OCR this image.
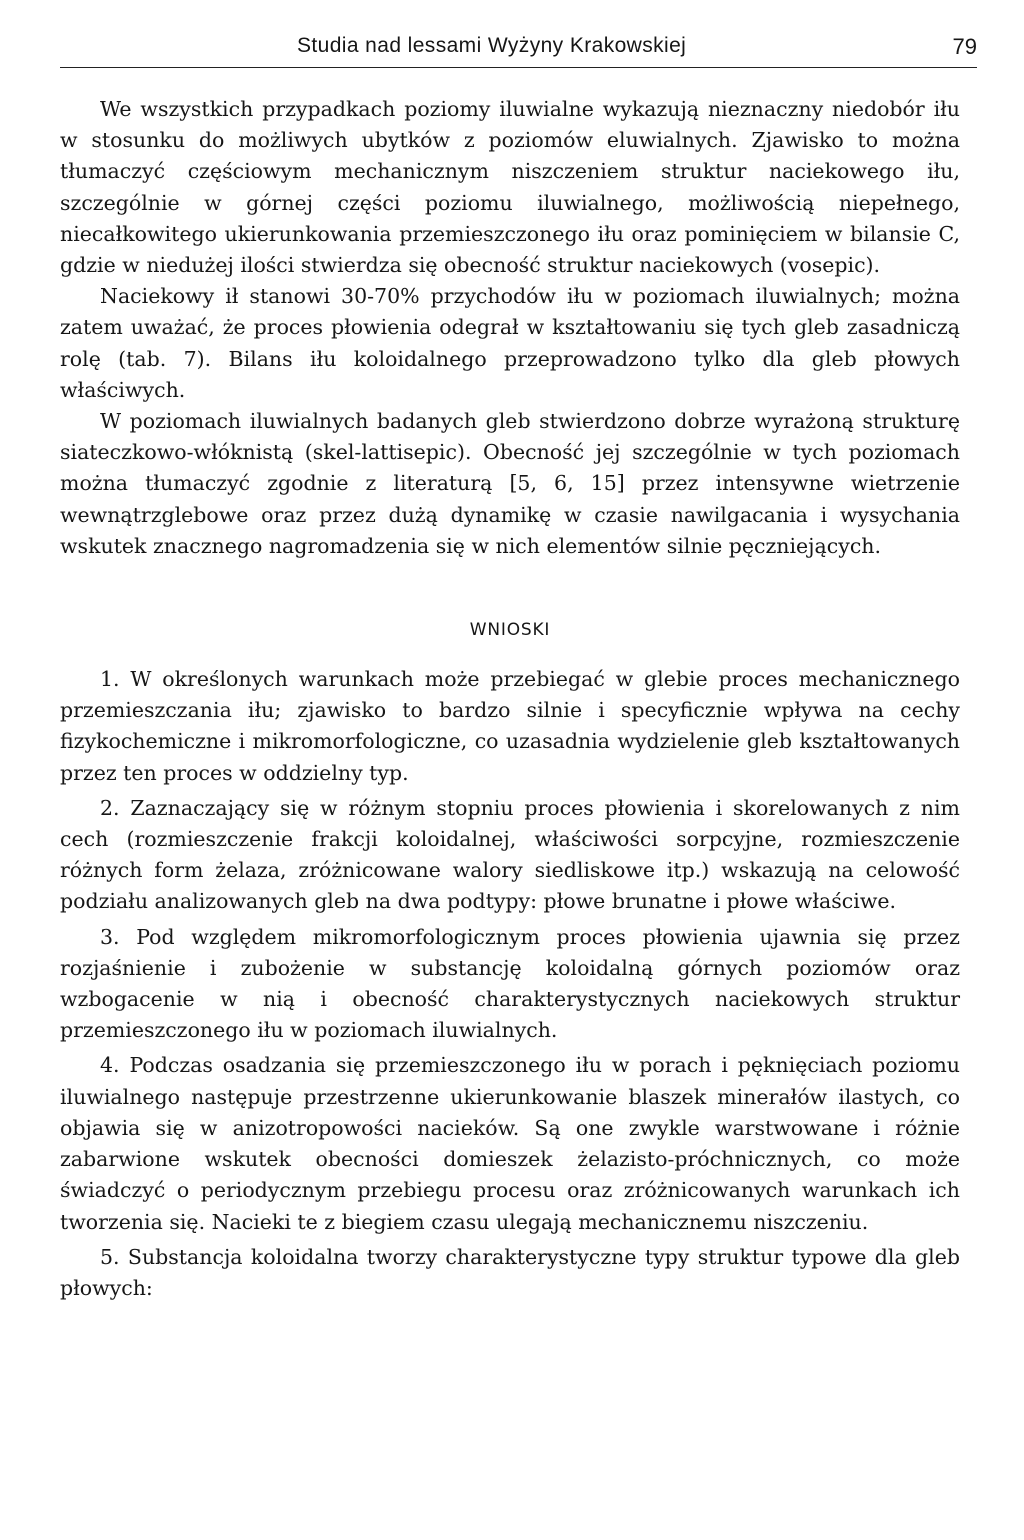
Studia nad lessami Wyżyny Krakowskiej	79

We wszystkich przypadkach poziomy iluwialne wykazują nieznaczny niedobór iłu w stosunku do możliwych ubytków z poziomów eluwialnych. Zjawisko to można tłumaczyć częściowym mechanicznym niszczeniem struktur naciekowego iłu, szczególnie w górnej części poziomu iluwialnego, możliwością niepełnego, niecałkowitego ukierunkowania przemieszczonego iłu oraz pominięciem w bilansie C, gdzie w niedużej ilości stwierdza się obecność struktur naciekowych (vosepic).

Naciekowy ił stanowi 30-70% przychodów iłu w poziomach iluwialnych; można zatem uważać, że proces płowienia odegrał w kształtowaniu się tych gleb zasadniczą rolę (tab. 7). Bilans iłu koloidalnego przeprowadzono tylko dla gleb płowych właściwych.

W poziomach iluwialnych badanych gleb stwierdzono dobrze wyrażoną strukturę siateczkowo-włóknistą (skel-lattisepic). Obecność jej szczególnie w tych poziomach można tłumaczyć zgodnie z literaturą [5, 6, 15] przez intensywne wietrzenie wewnątrzglebowe oraz przez dużą dynamikę w czasie nawilgacania i wysychania wskutek znacznego nagromadzenia się w nich elementów silnie pęczniejących.

WNIOSKI

1. W określonych warunkach może przebiegać w glebie proces mechanicznego przemieszczania iłu; zjawisko to bardzo silnie i specyficznie wpływa na cechy fizykochemiczne i mikromorfologiczne, co uzasadnia wydzielenie gleb kształtowanych przez ten proces w oddzielny typ.

2. Zaznaczający się w różnym stopniu proces płowienia i skorelowanych z nim cech (rozmieszczenie frakcji koloidalnej, właściwości sorpcyjne, rozmieszczenie różnych form żelaza, zróżnicowane walory siedliskowe itp.) wskazują na celowość podziału analizowanych gleb na dwa podtypy: płowe brunatne i płowe właściwe.

3. Pod względem mikromorfologicznym proces płowienia ujawnia się przez rozjaśnienie i zubożenie w substancję koloidalną górnych poziomów oraz wzbogacenie w nią i obecność charakterystycznych naciekowych struktur przemieszczonego iłu w poziomach iluwialnych.

4. Podczas osadzania się przemieszczonego iłu w porach i pęknięciach poziomu iluwialnego następuje przestrzenne ukierunkowanie blaszek minerałów ilastych, co objawia się w anizotropowości nacieków. Są one zwykle warstwowane i różnie zabarwione wskutek obecności domieszek żelazisto-próchnicznych, co może świadczyć o periodycznym przebiegu procesu oraz zróżnicowanych warunkach ich tworzenia się. Nacieki te z biegiem czasu ulegają mechanicznemu niszczeniu.

5. Substancja koloidalna tworzy charakterystyczne typy struktur typowe dla gleb płowych:
